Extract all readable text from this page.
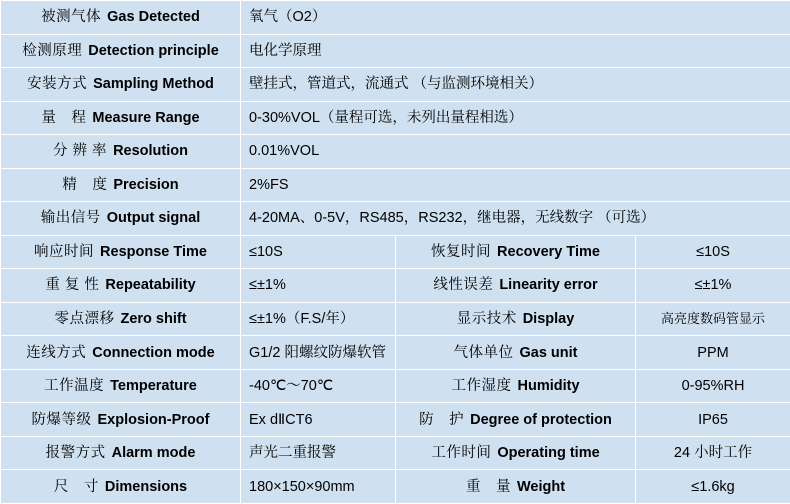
被测气体 Gas Detected	氧气（O2）		
检测原理 Detection principle	电化学原理		
安装方式 Sampling Method	壁挂式，管道式，流通式 （与监测环境相关）		
量　程 Measure Range	0-30%VOL（量程可选，未列出量程相选）		
分 辨 率 Resolution	0.01%VOL		
精　度 Precision	2%FS		
输出信号 Output signal	4-20MA、0-5V，RS485，RS232，继电器，无线数字 （可选）		
响应时间 Response Time	≤10S	恢复时间 Recovery Time	≤10S
重 复 性 Repeatability	≤±1%	线性误差 Linearity error	≤±1%
零点漂移 Zero shift	≤±1%（F.S/年）	显示技术 Display	高亮度数码管显示
连线方式 Connection mode	G1/2 阳螺纹防爆软管	气体单位 Gas unit	PPM
工作温度 Temperature	-40℃～70℃	工作湿度 Humidity	0-95%RH
防爆等级 Explosion-Proof	Ex dⅡCT6	防　护 Degree of protection	IP65
报警方式 Alarm mode	声光二重报警	工作时间 Operating time	24 小时工作
尺　寸 Dimensions	180×150×90mm	重　量 Weight	≤1.6kg
